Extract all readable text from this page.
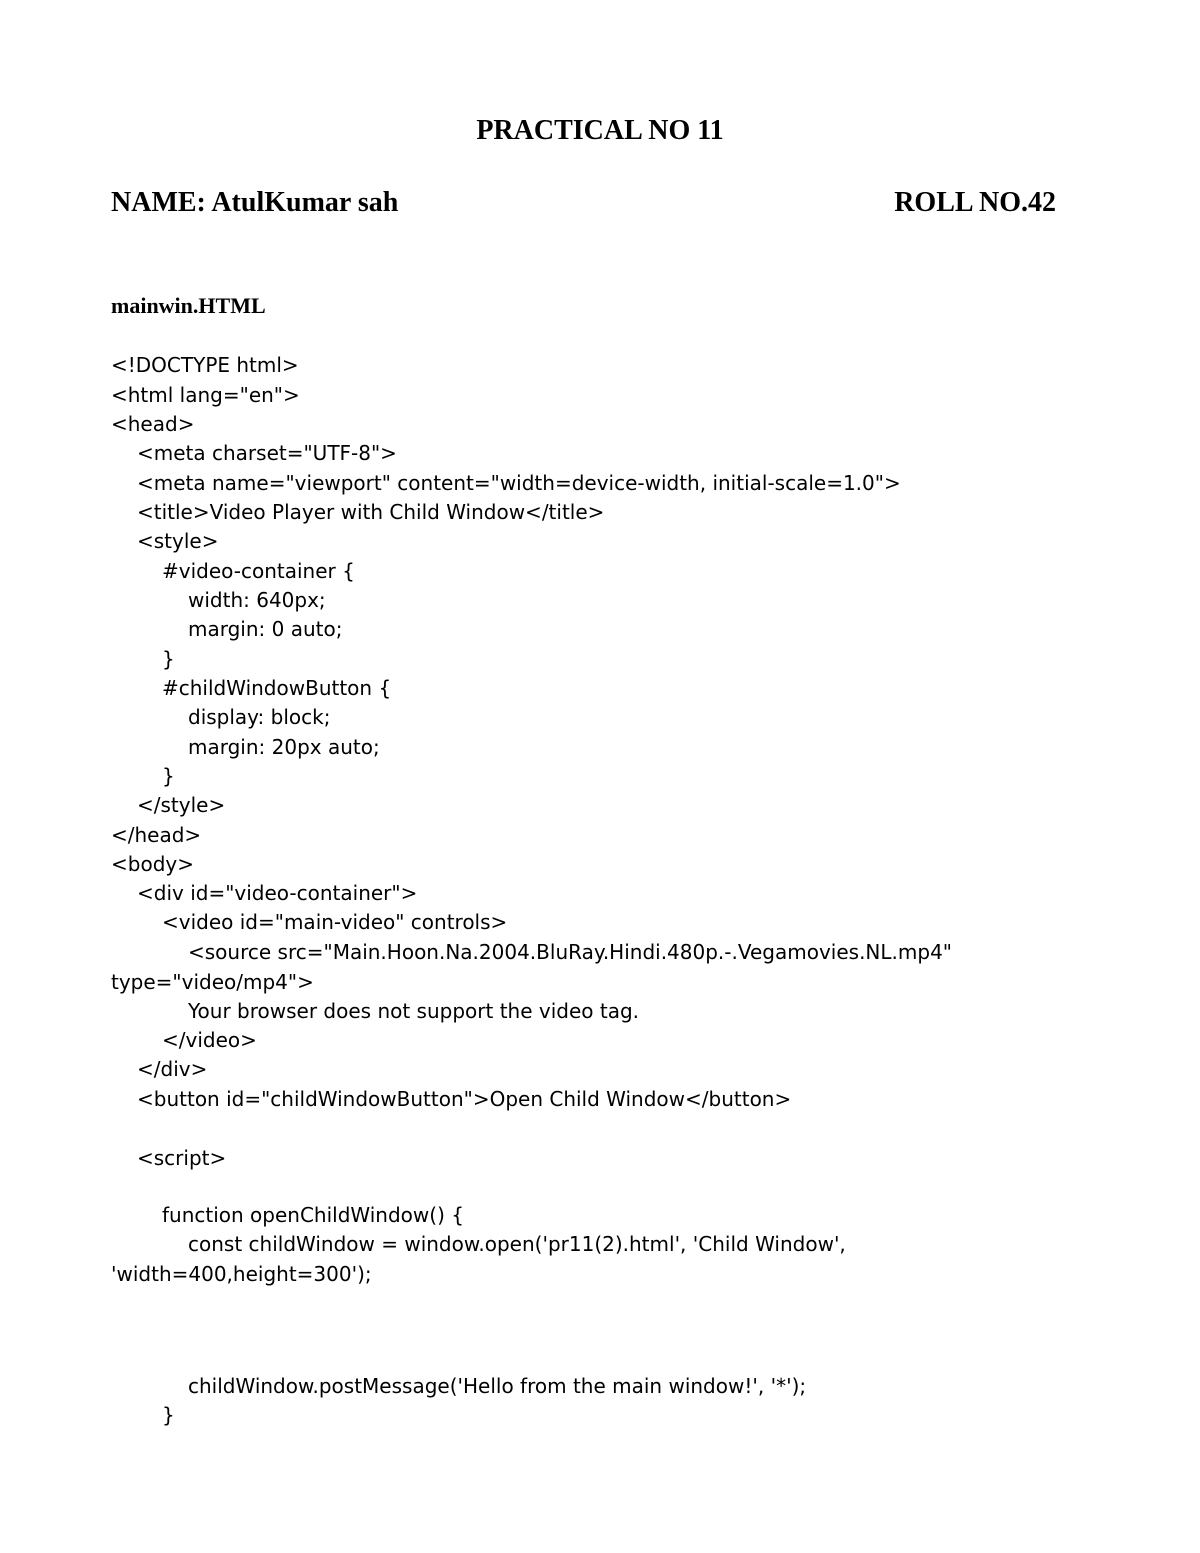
PRACTICAL NO 11
NAME: AtulKumar sah	ROLL NO.42
mainwin.HTML
<!DOCTYPE html>
<html lang="en">
<head>
<meta charset="UTF-8">
<meta name="viewport" content="width=device-width, initial-scale=1.0">
<title>Video Player with Child Window</title>
<style>
#video-container {
width: 640px;
margin: 0 auto;
}
#childWindowButton {
display: block;
margin: 20px auto;
}
</style>
</head>
<body>
<div id="video-container">
<video id="main-video" controls>
<source src="Main.Hoon.Na.2004.BluRay.Hindi.480p.-.Vegamovies.NL.mp4"
type="video/mp4">
Your browser does not support the video tag.
</video>
</div>
<button id="childWindowButton">Open Child Window</button>
<script>
function openChildWindow() {
const childWindow = window.open('pr11(2).html', 'Child Window',
'width=400,height=300');
childWindow.postMessage('Hello from the main window!', '*');
}
